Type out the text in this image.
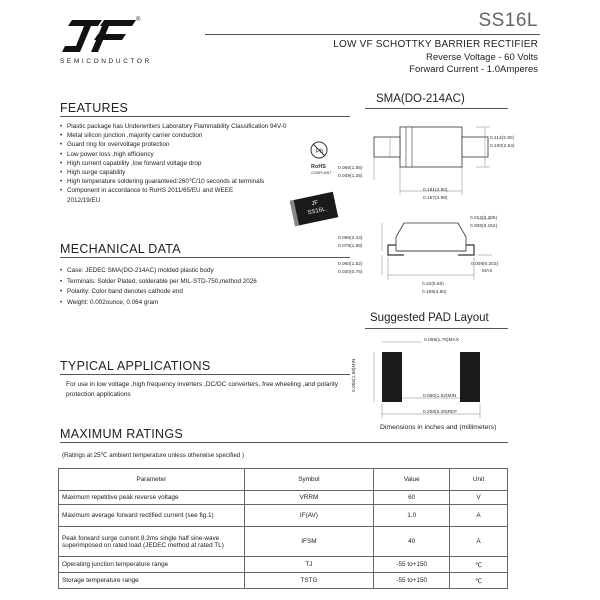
®
SEMICONDUCTOR
SS16L
LOW VF SCHOTTKY BARRIER RECTIFIER
Reverse Voltage - 60 Volts
Forward Current - 1.0Amperes
FEATURES
• Plastic package has Underwriters Laboratory Flammability Classification 94V-0
• Metal silicon junction ,majority carrier conduction
• Guard ring for overvoltage protection
• Low power loss ,high efficiency
• High current capability ,low forward voltage drop
• High surge capability
• High temperature soldering guaranteed:260℃/10 seconds at terminals
• Component in accordance to RoHS 2011/65/EU and WEEE 2012/19/EU
Pb
RoHS
COMPLIANT
JF
SS16L
MECHANICAL DATA
• Case: JEDEC SMA(DO-214AC) molded plastic body
• Terminals: Solder Plated, solderable per MIL-STD-750,method 2026
• Polarity: Color band denotes cathode end
• Weight: 0.002ounce, 0.064 gram
TYPICAL APPLICATIONS
For use in low voltage ,high frequency inverters ,DC/DC converters, free wheeling ,and polarity protection applications
SMA(DO-214AC)
0.114(2.90)
0.100(2.54)
0.065(1.65)
0.049(1.25)
0.181(4.60)
0.157(3.99)
0.012(0.305)
0.006(0.152)
0.096(2.44)
0.078(1.98)
0.060(1.52)
0.030(0.76)
0.008(0.203)
MAX
0.22(5.60)
0.189(4.80)
Suggested PAD Layout
0.069(1.76)MAX
0.066(1.68)MIN
0.060(1.52)MIN
0.208(5.28)REF
Dimensions in inches and (millimeters)
MAXIMUM RATINGS
(Ratings at 25℃ ambient temperature unless otherwise specified )
Parameter	Symbol	Value	Unit
Maximum repetitive peak reverse voltage	VRRM	60	V
Maximum average forward rectified current (see fig.1)	IF(AV)	1.0	A
Peak forward surge current 8.3ms single half sine-wave superimposed on rated load (JEDEC method at rated TL)	IFSM	40	A
Operating junction temperature range	TJ	-55 to+150	℃
Storage temperature range	TSTG	-55 to+150	℃
